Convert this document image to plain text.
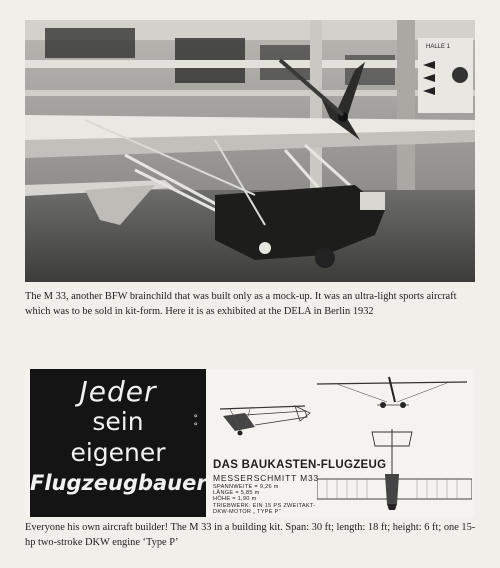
HALLE 1

The M 33, another BFW brainchild that was built only as a mock-up. It was an ultra-light sports aircraft which was to be sold in kit-form. Here it is as exhibited at the DELA in Berlin 1932

Jeder
sein
eigener
Flugzeugbauer
°
°
DAS BAUKASTEN-FLUGZEUG
MESSERSCHMITT M33
SPANNWEITE = 9,26 m
LÄNGE = 5,85 m
HÖHE = 1,90 m
TRIEBWERK: EIN 15 PS ZWEITAKT-
DKW-MOTOR „ TYPE P“

Everyone his own aircraft builder! The M 33 in a building kit. Span: 30 ft; length: 18 ft; height: 6 ft; one 15-hp two-stroke DKW engine ‘Type P’
